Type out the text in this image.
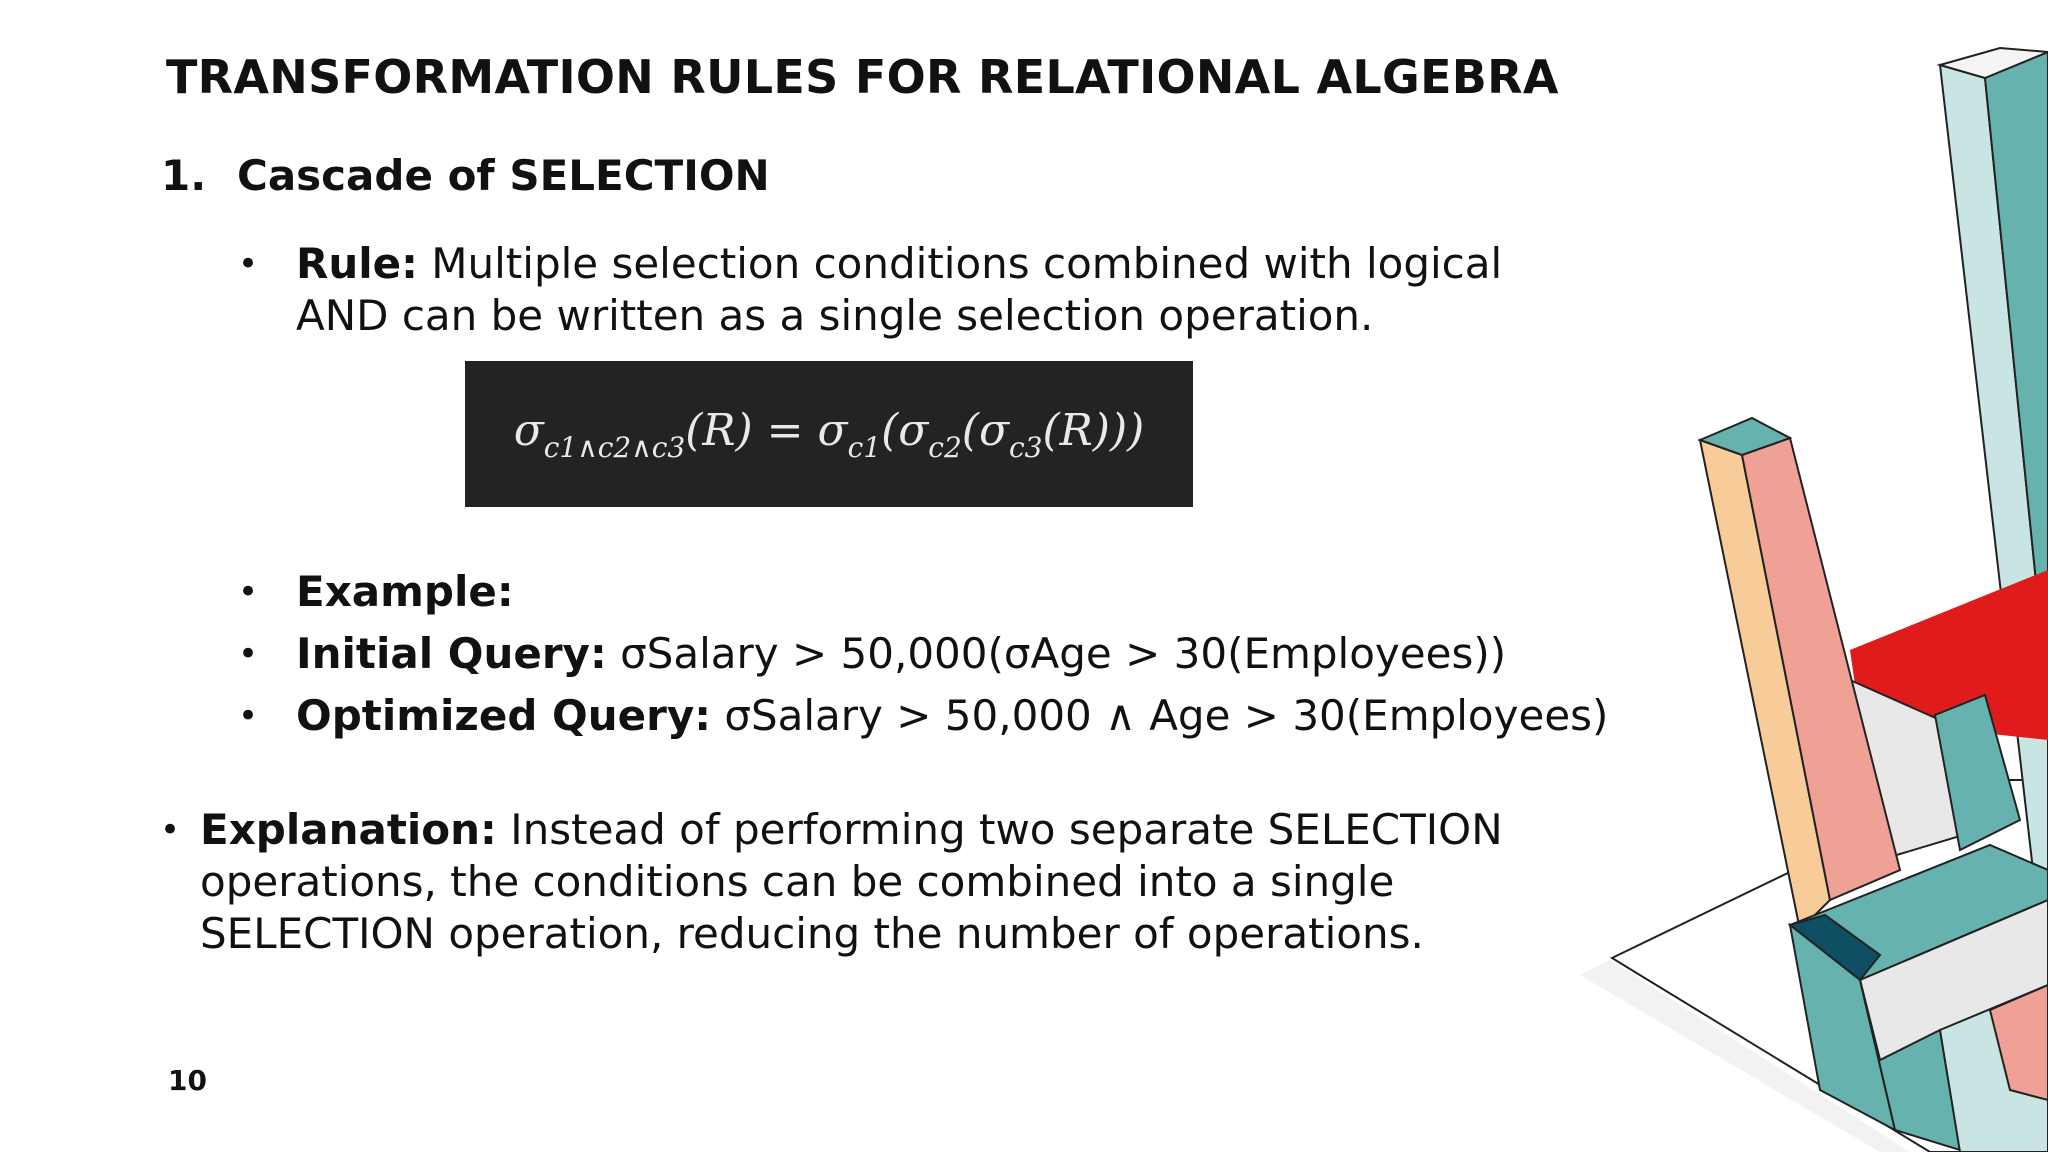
TRANSFORMATION RULES FOR RELATIONAL ALGEBRA
1. Cascade of SELECTION
• Rule: Multiple selection conditions combined with logical AND can be written as a single selection operation.
$\sigma_{c1\wedge c2\wedge c3}(R) = \sigma_{c1}(\sigma_{c2}(\sigma_{c3}(R)))$
• Example:
• Initial Query: σSalary > 50,000(σAge > 30(Employees))
• Optimized Query: σSalary > 50,000 ∧ Age > 30(Employees)
• Explanation: Instead of performing two separate SELECTION operations, the conditions can be combined into a single SELECTION operation, reducing the number of operations.
10
